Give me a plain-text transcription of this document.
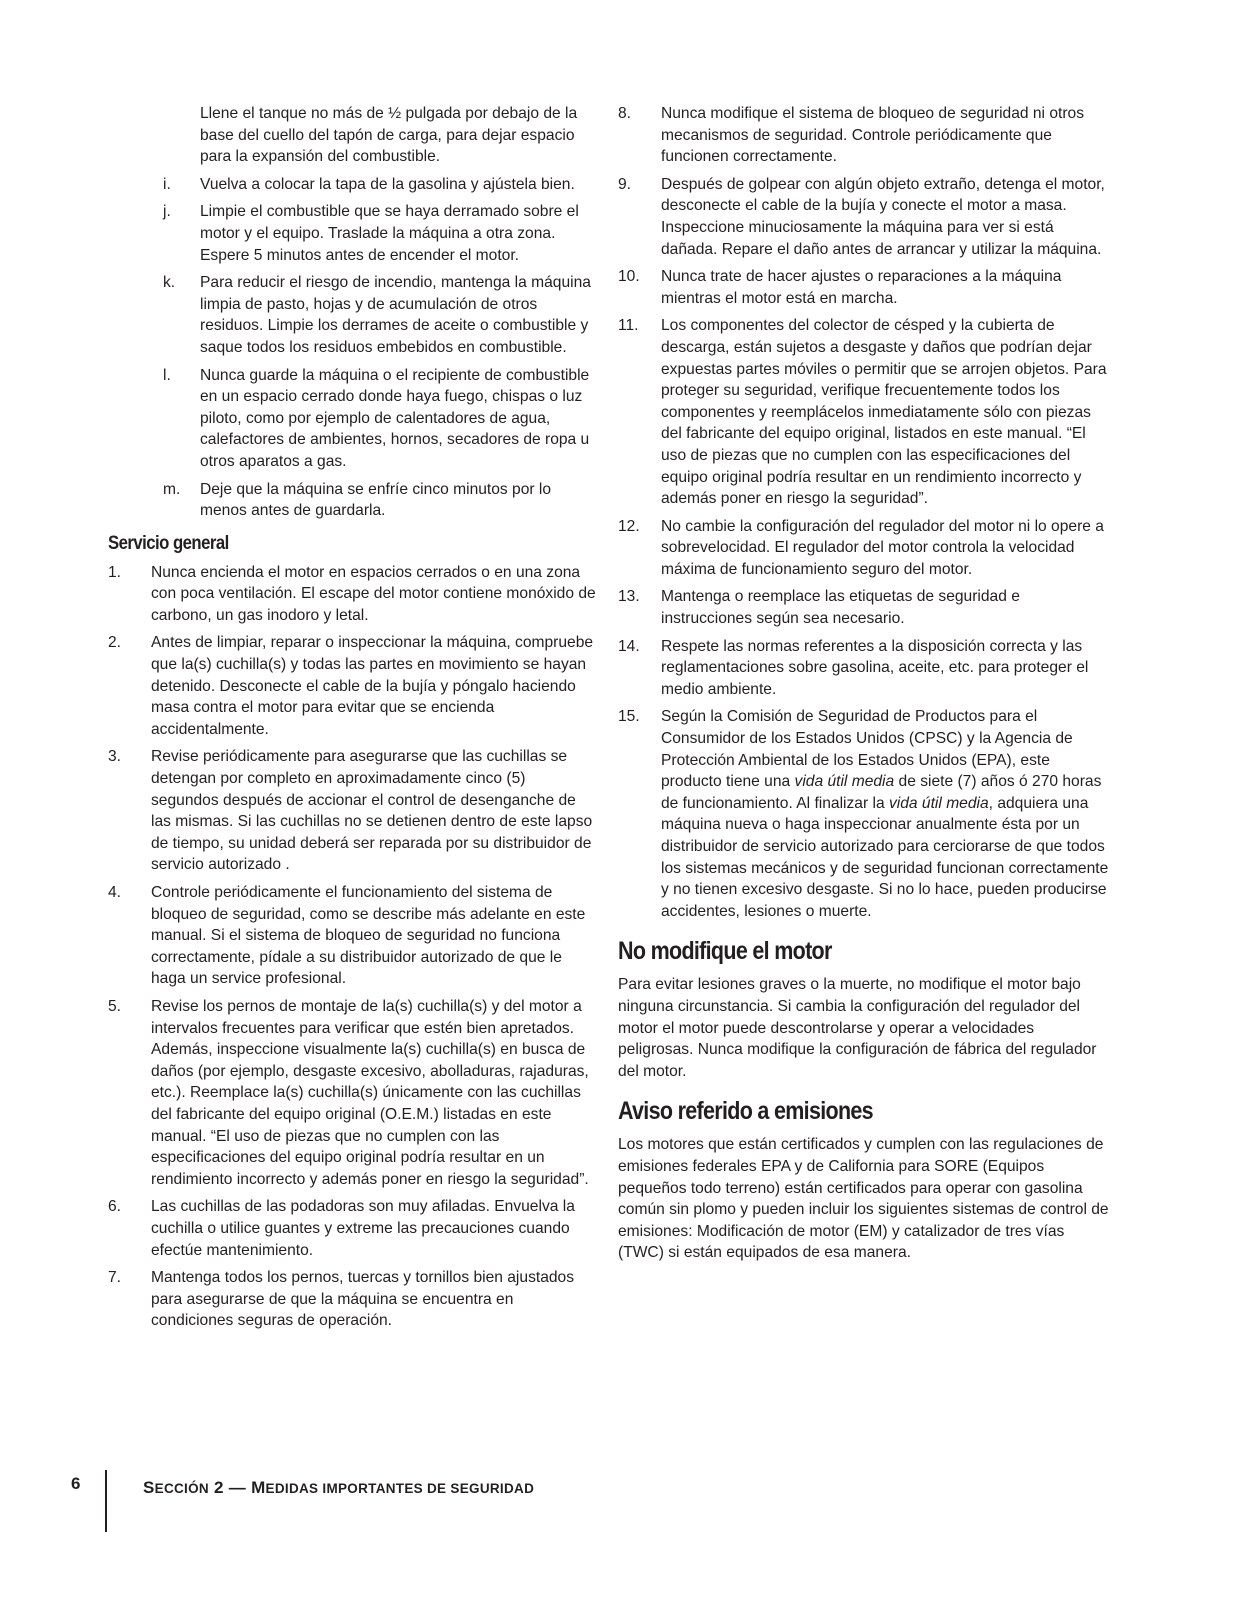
Llene el tanque no más de ½ pulgada por debajo de la base del cuello del tapón de carga, para dejar espacio para la expansión del combustible.

i.	Vuelva a colocar la tapa de la gasolina y ajústela bien.
j.	Limpie el combustible que se haya derramado sobre el motor y el equipo. Traslade la máquina a otra zona. Espere 5 minutos antes de encender el motor.
k.	Para reducir el riesgo de incendio, mantenga la máquina limpia de pasto, hojas y de acumulación de otros residuos. Limpie los derrames de aceite o combustible y saque todos los residuos embebidos en combustible.
l.	Nunca guarde la máquina o el recipiente de combustible en un espacio cerrado donde haya fuego, chispas o luz piloto, como por ejemplo de calentadores de agua, calefactores de ambientes, hornos, secadores de ropa u otros aparatos a gas.
m.	Deje que la máquina se enfríe cinco minutos por lo menos antes de guardarla.
Servicio general
1.	Nunca encienda el motor en espacios cerrados o en una zona con poca ventilación. El escape del motor contiene monóxido de carbono, un gas inodoro y letal.
2.	Antes de limpiar, reparar o inspeccionar la máquina, compruebe que la(s) cuchilla(s) y todas las partes en movimiento se hayan detenido. Desconecte el cable de la bujía y póngalo haciendo masa contra el motor para evitar que se encienda accidentalmente.
3.	Revise periódicamente para asegurarse que las cuchillas se detengan por completo en aproximadamente cinco (5) segundos después de accionar el control de desenganche de las mismas. Si las cuchillas no se detienen dentro de este lapso de tiempo, su unidad deberá ser reparada por su distribuidor de servicio autorizado .
4.	Controle periódicamente el funcionamiento del sistema de bloqueo de seguridad, como se describe más adelante en este manual. Si el sistema de bloqueo de seguridad no funciona correctamente, pídale a su distribuidor autorizado de que le haga un service profesional.
5.	Revise los pernos de montaje de la(s) cuchilla(s) y del motor a intervalos frecuentes para verificar que estén bien apretados. Además, inspeccione visualmente la(s) cuchilla(s) en busca de daños (por ejemplo, desgaste excesivo, abolladuras, rajaduras, etc.). Reemplace la(s) cuchilla(s) únicamente con las cuchillas del fabricante del equipo original (O.E.M.) listadas en este manual. “El uso de piezas que no cumplen con las especificaciones del equipo original podría resultar en un rendimiento incorrecto y además poner en riesgo la seguridad”.
6.	Las cuchillas de las podadoras son muy afiladas. Envuelva la cuchilla o utilice guantes y extreme las precauciones cuando efectúe mantenimiento.
7.	Mantenga todos los pernos, tuercas y tornillos bien ajustados para asegurarse de que la máquina se encuentra en condiciones seguras de operación.
8.	Nunca modifique el sistema de bloqueo de seguridad ni otros mecanismos de seguridad. Controle periódicamente que funcionen correctamente.
9.	Después de golpear con algún objeto extraño, detenga el motor, desconecte el cable de la bujía y conecte el motor a masa. Inspeccione minuciosamente la máquina para ver si está dañada. Repare el daño antes de arrancar y utilizar la máquina.
10.	Nunca trate de hacer ajustes o reparaciones a la máquina mientras el motor está en marcha.
11.	Los componentes del colector de césped y la cubierta de descarga, están sujetos a desgaste y daños que podrían dejar expuestas partes móviles o permitir que se arrojen objetos. Para proteger su seguridad, verifique frecuentemente todos los componentes y reemplácelos inmediatamente sólo con piezas del fabricante del equipo original, listados en este manual. “El uso de piezas que no cumplen con las especificaciones del equipo original podría resultar en un rendimiento incorrecto y además poner en riesgo la seguridad”.
12.	No cambie la configuración del regulador del motor ni lo opere a sobrevelocidad. El regulador del motor controla la velocidad máxima de funcionamiento seguro del motor.
13.	Mantenga o reemplace las etiquetas de seguridad e instrucciones según sea necesario.
14.	Respete las normas referentes a la disposición correcta y las reglamentaciones sobre gasolina, aceite, etc. para proteger el medio ambiente.
15.	Según la Comisión de Seguridad de Productos para el Consumidor de los Estados Unidos (CPSC) y la Agencia de Protección Ambiental de los Estados Unidos (EPA), este producto tiene una vida útil media de siete (7) años ó 270 horas de funcionamiento. Al finalizar la vida útil media, adquiera una máquina nueva o haga inspeccionar anualmente ésta por un distribuidor de servicio autorizado para cerciorarse de que todos los sistemas mecánicos y de seguridad funcionan correctamente y no tienen excesivo desgaste. Si no lo hace, pueden producirse accidentes, lesiones o muerte.
No modifique el motor

Para evitar lesiones graves o la muerte, no modifique el motor bajo ninguna circunstancia. Si cambia la configuración del regulador del motor el motor puede descontrolarse y operar a velocidades peligrosas. Nunca modifique la configuración de fábrica del regulador del motor.

Aviso referido a emisiones

Los motores que están certificados y cumplen con las regulaciones de emisiones federales EPA y de California para SORE (Equipos pequeños todo terreno) están certificados para operar con gasolina común sin plomo y pueden incluir los siguientes sistemas de control de emisiones: Modificación de motor (EM) y catalizador de tres vías (TWC) si están equipados de esa manera.

6	SECCIÓN 2 — MEDIDAS IMPORTANTES DE SEGURIDAD
